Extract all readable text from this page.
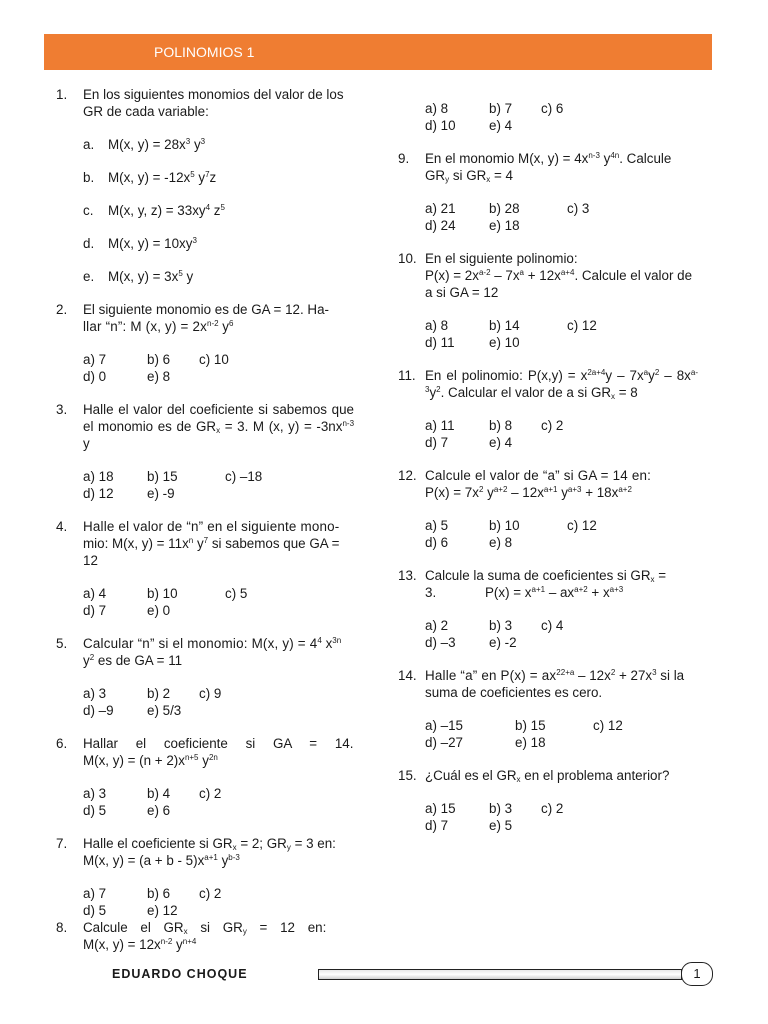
POLINOMIOS 1
1.	En los siguientes monomios del valor de los GR de cada variable:
a.	M(x, $y) = 28x^3$ $y^3$
b.	M(x, $y) = -12x^5$ $y^7z$
c.	M(x, y, $z) = 33xy^4$ $z^5$
d.	M(x, $y) = 10xy^3$
e.	M(x, $y) = 3x^5$ y
2.	El siguiente monomio es de GA = 12. Ha-
llar “n”: M (x, $y) = 2x^{n-2}$ $y^6$
a) 7	b) 6	c) 10
d) 0	e) 8
3.	Halle el valor del coeficiente si sabemos que el monomio es de $GR_x = 3$. M (x, $y) = -3nx^{n-3}$ y
a) 18	b) 15	c) –18
d) 12	e) -9
4.	Halle el valor de “n” en el siguiente mono-
mio: M(x, $y) = 11x^n$ $y^7$ si sabemos que GA = 12
a) 4	b) 10	c) 5
d) 7	e) 0
5.	Calcular “n” si el monomio: M(x, $y) = 4^4$ $x^{3n}$
$y^2$ es de GA = 11
a) 3	b) 2	c) 9
d) –9	e) 5/3
6.	Hallar el coeficiente si GA = 14.
M(x, $y) = (n + 2)x^{n+5}$ $y^{2n}$
a) 3	b) 4	c) 2
d) 5	e) 6
7.	Halle el coeficiente si $GR_x = 2$; $GR_y = 3$ en:
M(x, $y) = (a + b - 5)x^{a+1}$ $y^{b-3}$
a) 7	b) 6	c) 2
d) 5	e) 12
8.	Calcule el $GR_x$ si $GR_y = 12$ en:
M(x, $y) = 12x^{n-2}$ $y^{n+4}$
a) 8	b) 7	c) 6
d) 10	e) 4
9.	En el monomio M(x, $y) = 4x^{n-3}$ $y^{4n}$. Calcule $GR_y$ si $GR_x = 4$
a) 21	b) 28	c) 3
d) 24	e) 18
10. En el siguiente polinomio:
$P(x) = 2x^{a-2} - 7x^a + 12x^{a+4}$. Calcule el valor de a si GA = 12
a) 8	b) 14	c) 12
d) 11	e) 10
11. En el polinomio: $P(x,y) = x^{2a+4}y - 7x^ay^2 - 8x^{a-3}y^2$. Calcular el valor de a si $GR_x = 8$
a) 11	b) 8	c) 2
d) 7	e) 4
12. Calcule el valor de “a” si GA = 14 en:
$P(x) = 7x^2$ $y^{a+2} - 12x^{a+1}$ $y^{a+3} + 18x^{a+2}$
a) 5	b) 10	c) 12
d) 6	e) 8
13. Calcule la suma de coeficientes si $GR_x$ =
3.	$P(x) = x^{a+1} - ax^{a+2} + x^{a+3}$
a) 2	b) 3	c) 4
d) –3	e) -2
14. Halle “a” en $P(x) = ax^{22+a} - 12x^2 + 27x^3$ si la suma de coeficientes es cero.
a) –15	b) 15	c) 12
d) –27	e) 18
15. ¿Cuál es el $GR_x$ en el problema anterior?
a) 15	b) 3	c) 2
d) 7	e) 5
EDUARDO CHOQUE	1
